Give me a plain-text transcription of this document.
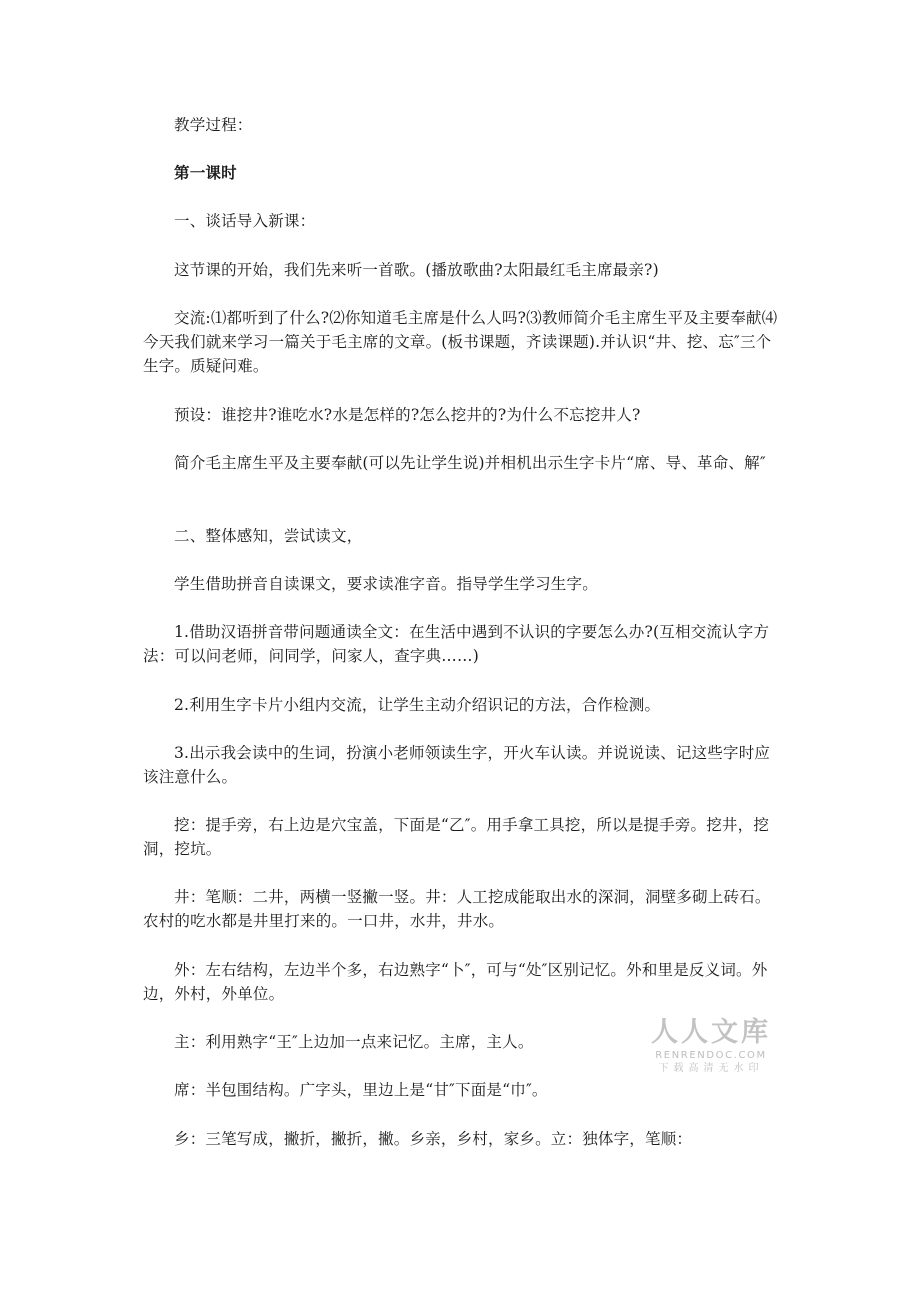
教学过程：

第一课时

一、谈话导入新课：

这节课的开始，我们先来听一首歌。(播放歌曲?太阳最红毛主席最亲?)

交流:⑴都听到了什么?⑵你知道毛主席是什么人吗?⑶教师简介毛主席生平及主要奉献⑷今天我们就来学习一篇关于毛主席的文章。(板书课题，齐读课题).并认识“井、挖、忘″三个生字。质疑问难。

预设：谁挖井?谁吃水?水是怎样的?怎么挖井的?为什么不忘挖井人?

简介毛主席生平及主要奉献(可以先让学生说)并相机出示生字卡片“席、导、革命、解″

二、整体感知，尝试读文，

学生借助拼音自读课文，要求读准字音。指导学生学习生字。

1.借助汉语拼音带问题通读全文：在生活中遇到不认识的字要怎么办?(互相交流认字方法：可以问老师，问同学，问家人，查字典……)

2.利用生字卡片小组内交流，让学生主动介绍识记的方法，合作检测。

3.出示我会读中的生词，扮演小老师领读生字，开火车认读。并说说读、记这些字时应该注意什么。

挖：提手旁，右上边是穴宝盖，下面是“乙″。用手拿工具挖，所以是提手旁。挖井，挖洞，挖坑。

井：笔顺：二井，两横一竖撇一竖。井：人工挖成能取出水的深洞，洞壁多砌上砖石。农村的吃水都是井里打来的。一口井，水井，井水。

外：左右结构，左边半个多，右边熟字“卜″，可与“处″区别记忆。外和里是反义词。外边，外村，外单位。

主：利用熟字“王″上边加一点来记忆。主席，主人。

席：半包围结构。广字头，里边上是“甘″下面是“巾″。

乡：三笔写成，撇折，撇折，撇。乡亲，乡村，家乡。立：独体字，笔顺：

人人文库
RENRENDOC.COM
下载高清无水印
